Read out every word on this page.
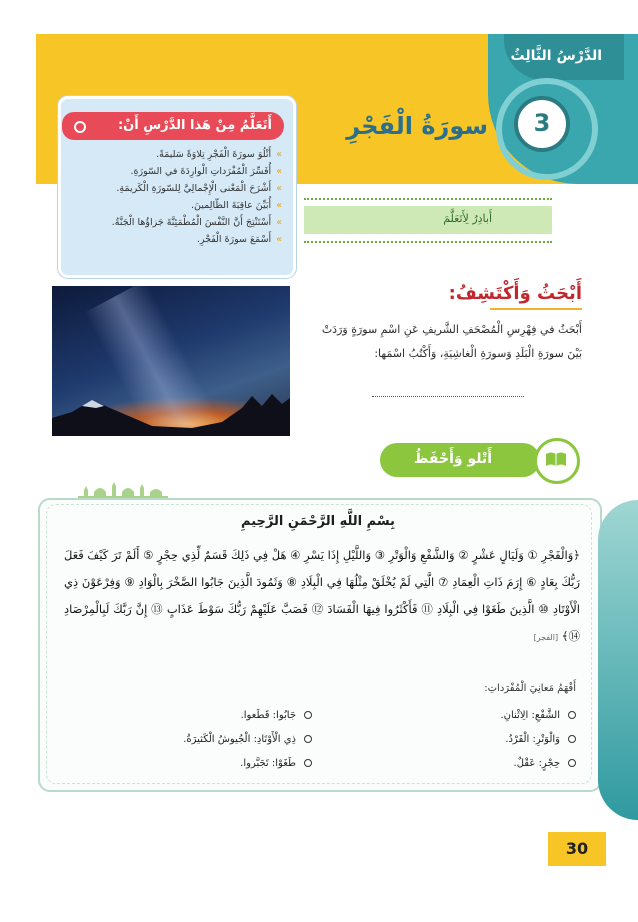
الدَّرْسُ الثَّالِثُ
3
سورَةُ الْفَجْرِ
أَتَعَلَّمُ مِنْ هَذا الدَّرْسِ أَنْ:
» أَتْلُوَ سورَةَ الْفَجْرِ تِلاوَةً سَليمَةً.
» أُفَسِّرَ الْمُفْرَداتِ الْوارِدَةَ في السّورَةِ.
» أَشْرَحَ الْمَعْنى الْإِجْمالِيَّ لِلسّورَةِ الْكَريمَةِ.
» أُبَيِّنَ عاقِبَةَ الظّالِمينَ.
» أَسْتَنْتِجَ أَنَّ النَّفْسَ الْمُطْمَئِنَّةَ جَزاؤُها الْجَنَّةُ.
» أَسْمَعَ سورَةَ الْفَجْرِ.
أَبادِرُ لِأَتَعَلَّمَ
أَبْحَثُ وَأَكْتَشِفُ:
أَبْحَثُ في فِهْرِسِ الْمُصْحَفِ الشَّريفِ عَنِ اسْمِ سورَةٍ وَرَدَتْ بَيْنَ سورَةِ الْبَلَدِ وَسورَةِ الْغاشِيَةِ، وَأَكْتُبُ اسْمَها:
أَتْلو وَأَحْفَظُ
بِسْمِ اللَّهِ الرَّحْمَنِ الرَّحِيمِ
﴿وَالْفَجْرِ ① وَلَيَالٍ عَشْرٍ ② وَالشَّفْعِ وَالْوَتْرِ ③ وَاللَّيْلِ إِذَا يَسْرِ ④ هَلْ فِي ذَلِكَ قَسَمٌ لِّذِي حِجْرٍ ⑤ أَلَمْ تَرَ كَيْفَ فَعَلَ رَبُّكَ بِعَادٍ ⑥ إِرَمَ ذَاتِ الْعِمَادِ ⑦ الَّتِي لَمْ يُخْلَقْ مِثْلُهَا فِي الْبِلَادِ ⑧ وَثَمُودَ الَّذِينَ جَابُوا الصَّخْرَ بِالْوَادِ ⑨ وَفِرْعَوْنَ ذِي الْأَوْتَادِ ⑩ الَّذِينَ طَغَوْا فِي الْبِلَادِ ⑪ فَأَكْثَرُوا فِيهَا الْفَسَادَ ⑫ فَصَبَّ عَلَيْهِمْ رَبُّكَ سَوْطَ عَذَابٍ ⑬ إِنَّ رَبَّكَ لَبِالْمِرْصَادِ ⑭﴾ [الفجر]
أَفْهَمُ مَعانِيَ الْمُفْرَداتِ:
الشَّفْعِ: الِاثْنانِ.
وَالْوَتْرِ: الْفَرْدُ.
حِجْرٍ: عَقْلٌ.
جَابُوا: قَطَعوا.
ذِي الْأَوْتَادِ: الْجُيوشُ الْكَثيرَةُ.
طَغَوْا: تَجَبَّروا.
30
